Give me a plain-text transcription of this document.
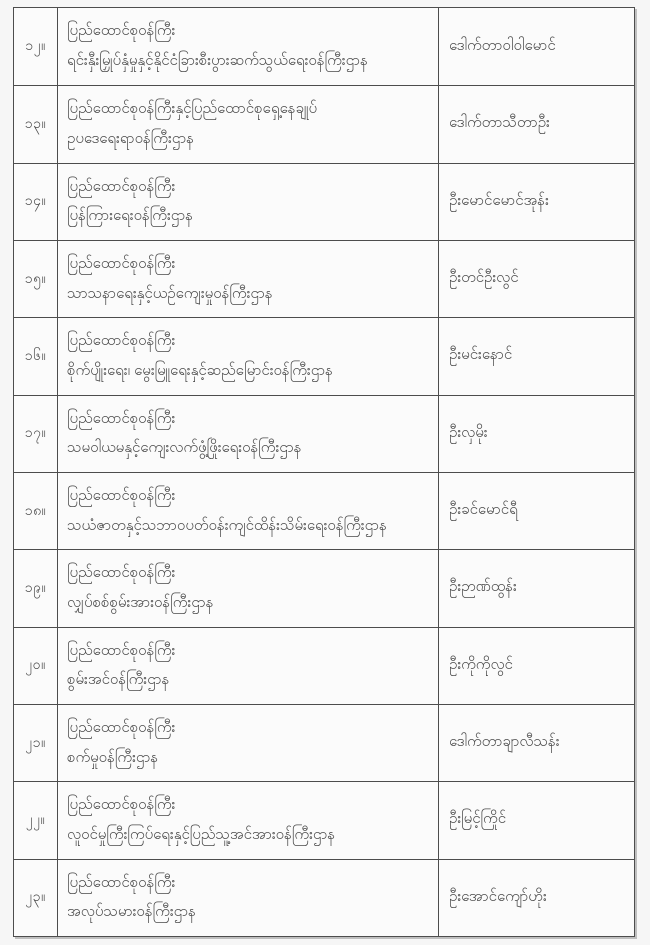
၁၂။
ပြည်ထောင်စုဝန်ကြီး
ရင်းနှီးမြှုပ်နှံမှုနှင့်နိုင်ငံခြားစီးပွားဆက်သွယ်ရေးဝန်ကြီးဌာန
ဒေါက်တာဝါဝါမောင်
၁၃။
ပြည်ထောင်စုဝန်ကြီးနှင့်ပြည်ထောင်စုရှေ့နေချုပ်
ဥပဒေရေးရာဝန်ကြီးဌာန
ဒေါက်တာသီတာဦး
၁၄။
ပြည်ထောင်စုဝန်ကြီး
ပြန်ကြားရေးဝန်ကြီးဌာန
ဦးမောင်မောင်အုန်း
၁၅။
ပြည်ထောင်စုဝန်ကြီး
သာသနာရေးနှင့်ယဉ်ကျေးမှုဝန်ကြီးဌာန
ဦးတင်ဦးလွင်
၁၆။
ပြည်ထောင်စုဝန်ကြီး
စိုက်ပျိုးရေး၊ မွေးမြူရေးနှင့်ဆည်မြောင်းဝန်ကြီးဌာန
ဦးမင်းနောင်
၁၇။
ပြည်ထောင်စုဝန်ကြီး
သမဝါယမနှင့်ကျေးလက်ဖွံ့ဖြိုးရေးဝန်ကြီးဌာန
ဦးလှမိုး
၁၈။
ပြည်ထောင်စုဝန်ကြီး
သယံဇာတနှင့်သဘာဝပတ်ဝန်းကျင်ထိန်းသိမ်းရေးဝန်ကြီးဌာန
ဦးခင်မောင်ရီ
၁၉။
ပြည်ထောင်စုဝန်ကြီး
လျှပ်စစ်စွမ်းအားဝန်ကြီးဌာန
ဦးဉာဏ်ထွန်း
၂၀။
ပြည်ထောင်စုဝန်ကြီး
စွမ်းအင်ဝန်ကြီးဌာန
ဦးကိုကိုလွင်
၂၁။
ပြည်ထောင်စုဝန်ကြီး
စက်မှုဝန်ကြီးဌာန
ဒေါက်တာချာလီသန်း
၂၂။
ပြည်ထောင်စုဝန်ကြီး
လူဝင်မှုကြီးကြပ်ရေးနှင့်ပြည်သူ့အင်အားဝန်ကြီးဌာန
ဦးမြင့်ကြိုင်
၂၃။
ပြည်ထောင်စုဝန်ကြီး
အလုပ်သမားဝန်ကြီးဌာန
ဦးအောင်ကျော်ဟိုး
